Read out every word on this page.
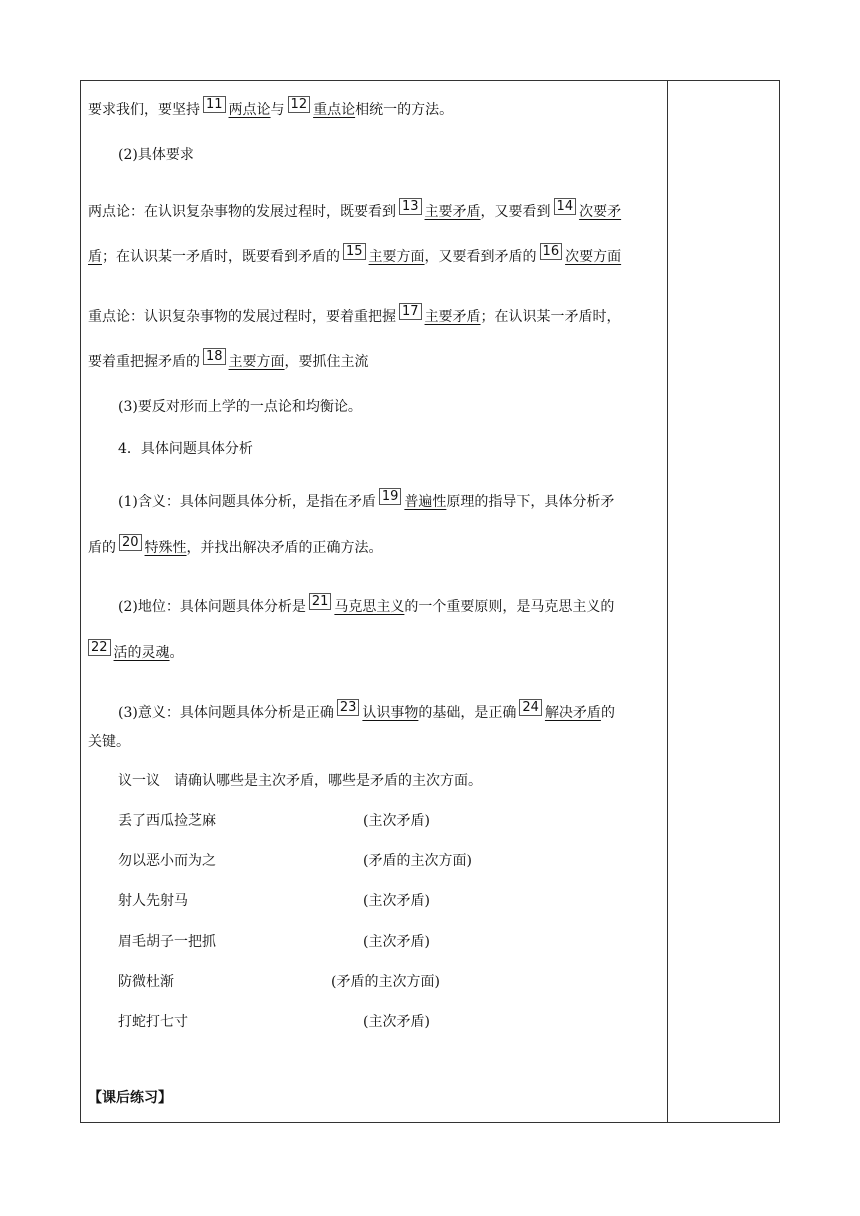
要求我们，要坚持 11 两点论与 12 重点论相统一的方法。
(2)具体要求
两点论：在认识复杂事物的发展过程时，既要看到 13 主要矛盾，又要看到 14 次要矛
盾；在认识某一矛盾时，既要看到矛盾的 15 主要方面，又要看到矛盾的 16 次要方面
重点论：认识复杂事物的发展过程时，要着重把握 17 主要矛盾；在认识某一矛盾时，
要着重把握矛盾的 18 主要方面，要抓住主流
(3)要反对形而上学的一点论和均衡论。
4．具体问题具体分析
(1)含义：具体问题具体分析，是指在矛盾 19 普遍性原理的指导下，具体分析矛
盾的 20 特殊性，并找出解决矛盾的正确方法。
(2)地位：具体问题具体分析是 21 马克思主义的一个重要原则，是马克思主义的
22 活的灵魂。
(3)意义：具体问题具体分析是正确 23 认识事物的基础，是正确 24 解决矛盾的
关键。
议一议　请确认哪些是主次矛盾，哪些是矛盾的主次方面。
丢了西瓜捡芝麻	(主次矛盾)
勿以恶小而为之	(矛盾的主次方面)
射人先射马	(主次矛盾)
眉毛胡子一把抓	(主次矛盾)
防微杜渐	(矛盾的主次方面)
打蛇打七寸	(主次矛盾)
【课后练习】
